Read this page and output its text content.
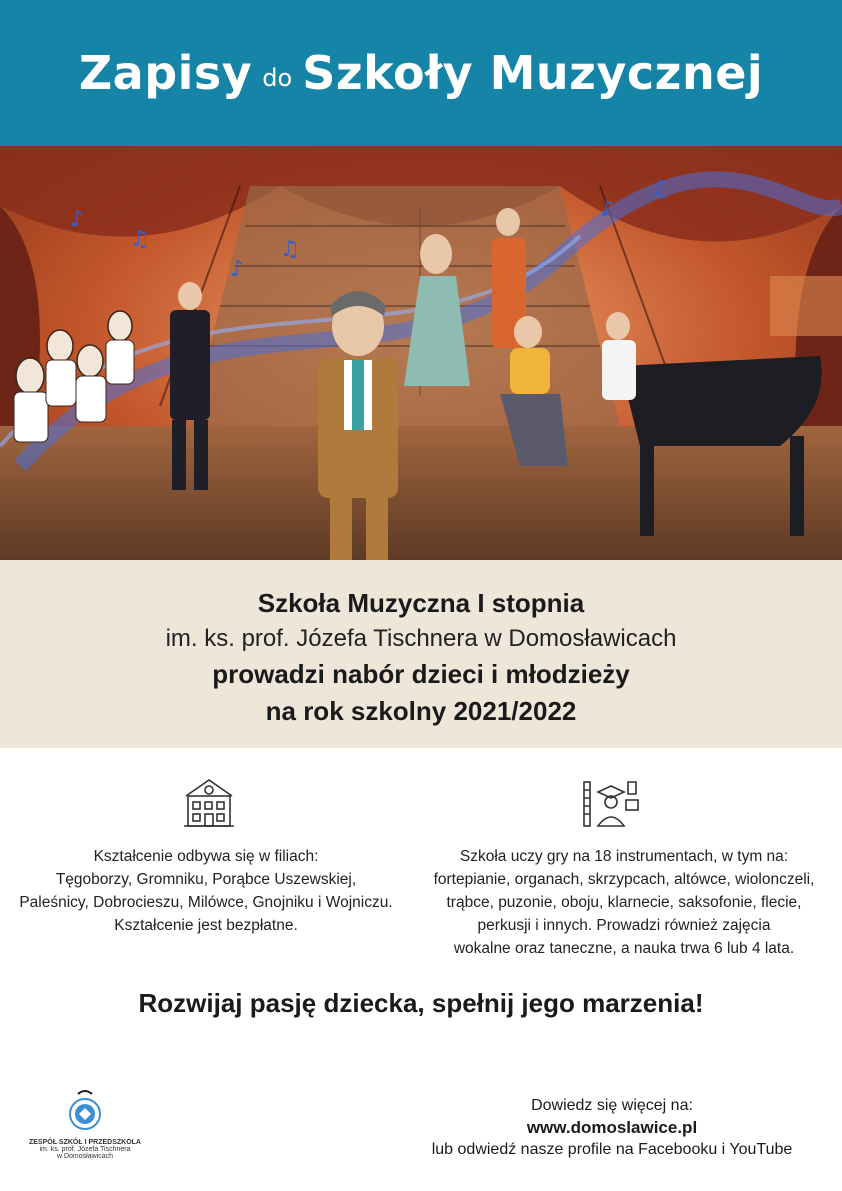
Zapisy do Szkoły Muzycznej
♪
♫
♪
♫
♪
♫
Szkoła Muzyczna I stopnia
im. ks. prof. Józefa Tischnera w Domosławicach
prowadzi nabór dzieci i młodzieży
na rok szkolny 2021/2022
Kształcenie odbywa się w filiach:
Tęgoborzy, Gromniku, Porąbce Uszewskiej,
Paleśnicy, Dobrocieszu, Milówce, Gnojniku i Wojniczu.
Kształcenie jest bezpłatne.
Szkoła uczy gry na 18 instrumentach, w tym na:
fortepianie, organach, skrzypcach, altówce, wiolonczeli,
trąbce, puzonie, oboju, klarnecie, saksofonie, flecie,
perkusji i innych. Prowadzi również zajęcia
wokalne oraz taneczne, a nauka trwa 6 lub 4 lata.
Rozwijaj pasję dziecka, spełnij jego marzenia!
ZESPÓŁ SZKÓŁ I PRZEDSZKOLA
im. ks. prof. Józefa Tischnera
w Domosławicach
Dowiedz się więcej na:
www.domoslawice.pl
lub odwiedź nasze profile na Facebooku i YouTube
